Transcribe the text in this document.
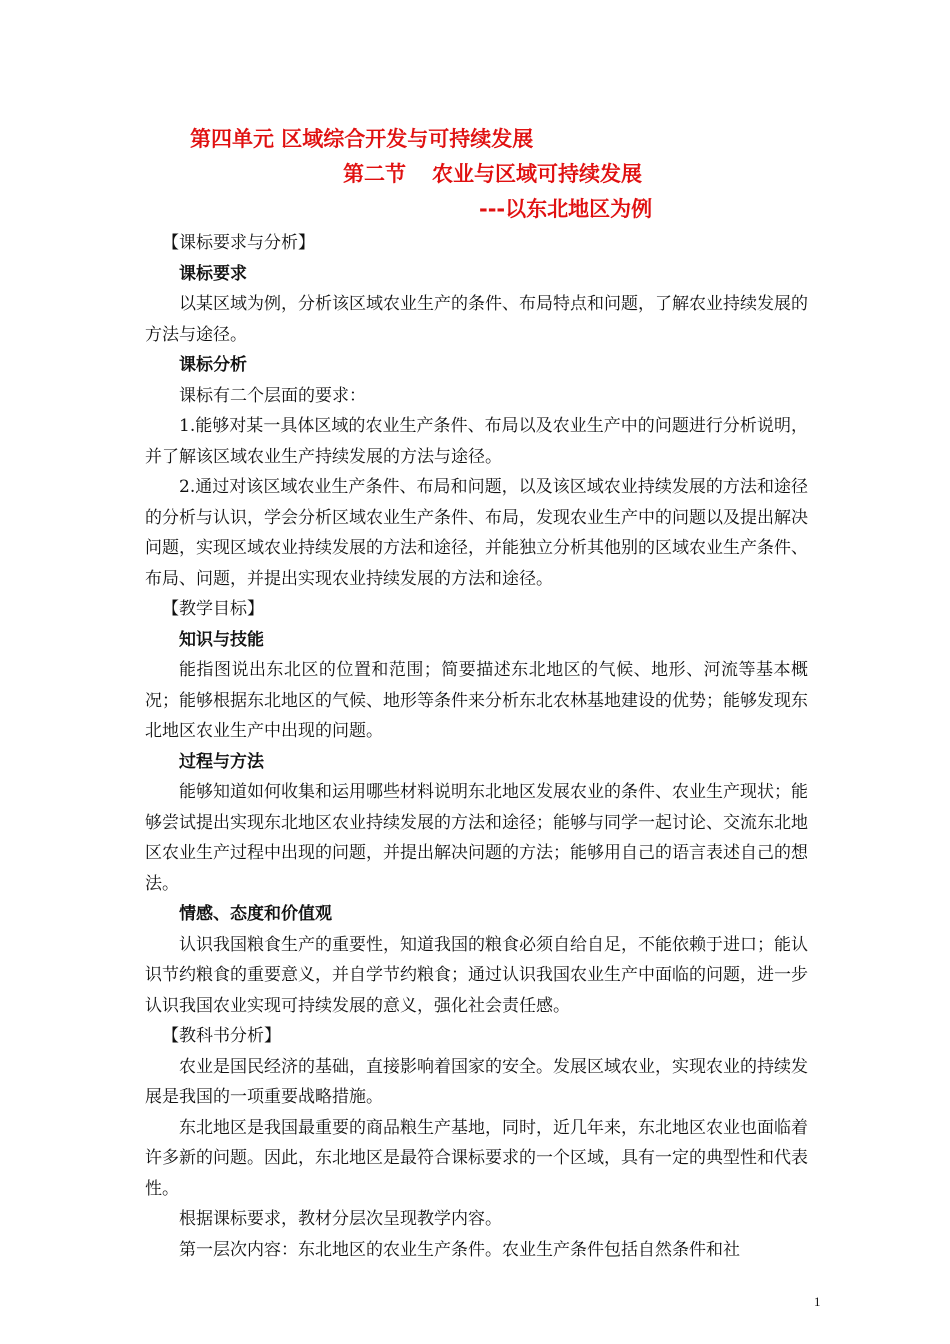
第四单元 区域综合开发与可持续发展
第二节 农业与区域可持续发展
---以东北地区为例

【课标要求与分析】

课标要求

以某区域为例，分析该区域农业生产的条件、布局特点和问题，了解农业持续发展的方法与途径。

课标分析

课标有二个层面的要求：

1.能够对某一具体区域的农业生产条件、布局以及农业生产中的问题进行分析说明，并了解该区域农业生产持续发展的方法与途径。

2.通过对该区域农业生产条件、布局和问题，以及该区域农业持续发展的方法和途径的分析与认识，学会分析区域农业生产条件、布局，发现农业生产中的问题以及提出解决问题，实现区域农业持续发展的方法和途径，并能独立分析其他别的区域农业生产条件、布局、问题，并提出实现农业持续发展的方法和途径。

【教学目标】

知识与技能

能指图说出东北区的位置和范围；简要描述东北地区的气候、地形、河流等基本概况；能够根据东北地区的气候、地形等条件来分析东北农林基地建设的优势；能够发现东北地区农业生产中出现的问题。

过程与方法

能够知道如何收集和运用哪些材料说明东北地区发展农业的条件、农业生产现状；能够尝试提出实现东北地区农业持续发展的方法和途径；能够与同学一起讨论、交流东北地区农业生产过程中出现的问题，并提出解决问题的方法；能够用自己的语言表述自己的想法。

情感、态度和价值观

认识我国粮食生产的重要性，知道我国的粮食必须自给自足，不能依赖于进口；能认识节约粮食的重要意义，并自学节约粮食；通过认识我国农业生产中面临的问题，进一步认识我国农业实现可持续发展的意义，强化社会责任感。

【教科书分析】

农业是国民经济的基础，直接影响着国家的安全。发展区域农业，实现农业的持续发展是我国的一项重要战略措施。

东北地区是我国最重要的商品粮生产基地，同时，近几年来，东北地区农业也面临着许多新的问题。因此，东北地区是最符合课标要求的一个区域，具有一定的典型性和代表性。

根据课标要求，教材分层次呈现教学内容。

第一层次内容：东北地区的农业生产条件。农业生产条件包括自然条件和社

1
